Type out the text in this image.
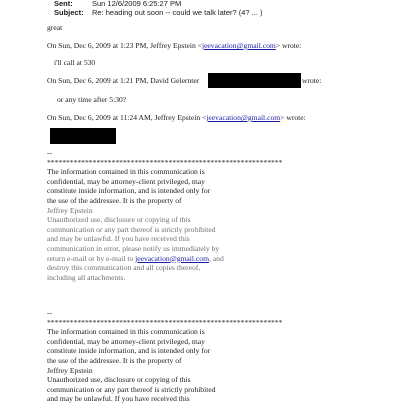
Sent:	Sun 12/6/2009 6:25:27 PM
Subject: Re: heading out soon -- could we talk later? (4? ... )
great
On Sun, Dec 6, 2009 at 1:23 PM, Jeffrey Epstein <jeevacation@gmail.com> wrote:
i'll call at 530
On Sun, Dec 6, 2009 at 1:21 PM, David Gelernter	wrote:
or any time after 5:30?
On Sun, Dec 6, 2009 at 11:24 AM, Jeffrey Epstein <jeevacation@gmail.com> wrote:
--
**************************************************************
The information contained in this communication is
confidential, may be attorney-client privileged, may
constitute inside information, and is intended only for
the use of the addressee. It is the property of
Jeffrey Epstein
Unauthorized use, disclosure or copying of this
communication or any part thereof is strictly prohibited
and may be unlawful. If you have received this
communication in error, please notify us immediately by
return e-mail or by e-mail to jeevacation@gmail.com, and
destroy this communication and all copies thereof,
including all attachments.
--
**************************************************************
The information contained in this communication is
confidential, may be attorney-client privileged, may
constitute inside information, and is intended only for
the use of the addressee. It is the property of
Jeffrey Epstein
Unauthorized use, disclosure or copying of this
communication or any part thereof is strictly prohibited
and may be unlawful. If you have received this
